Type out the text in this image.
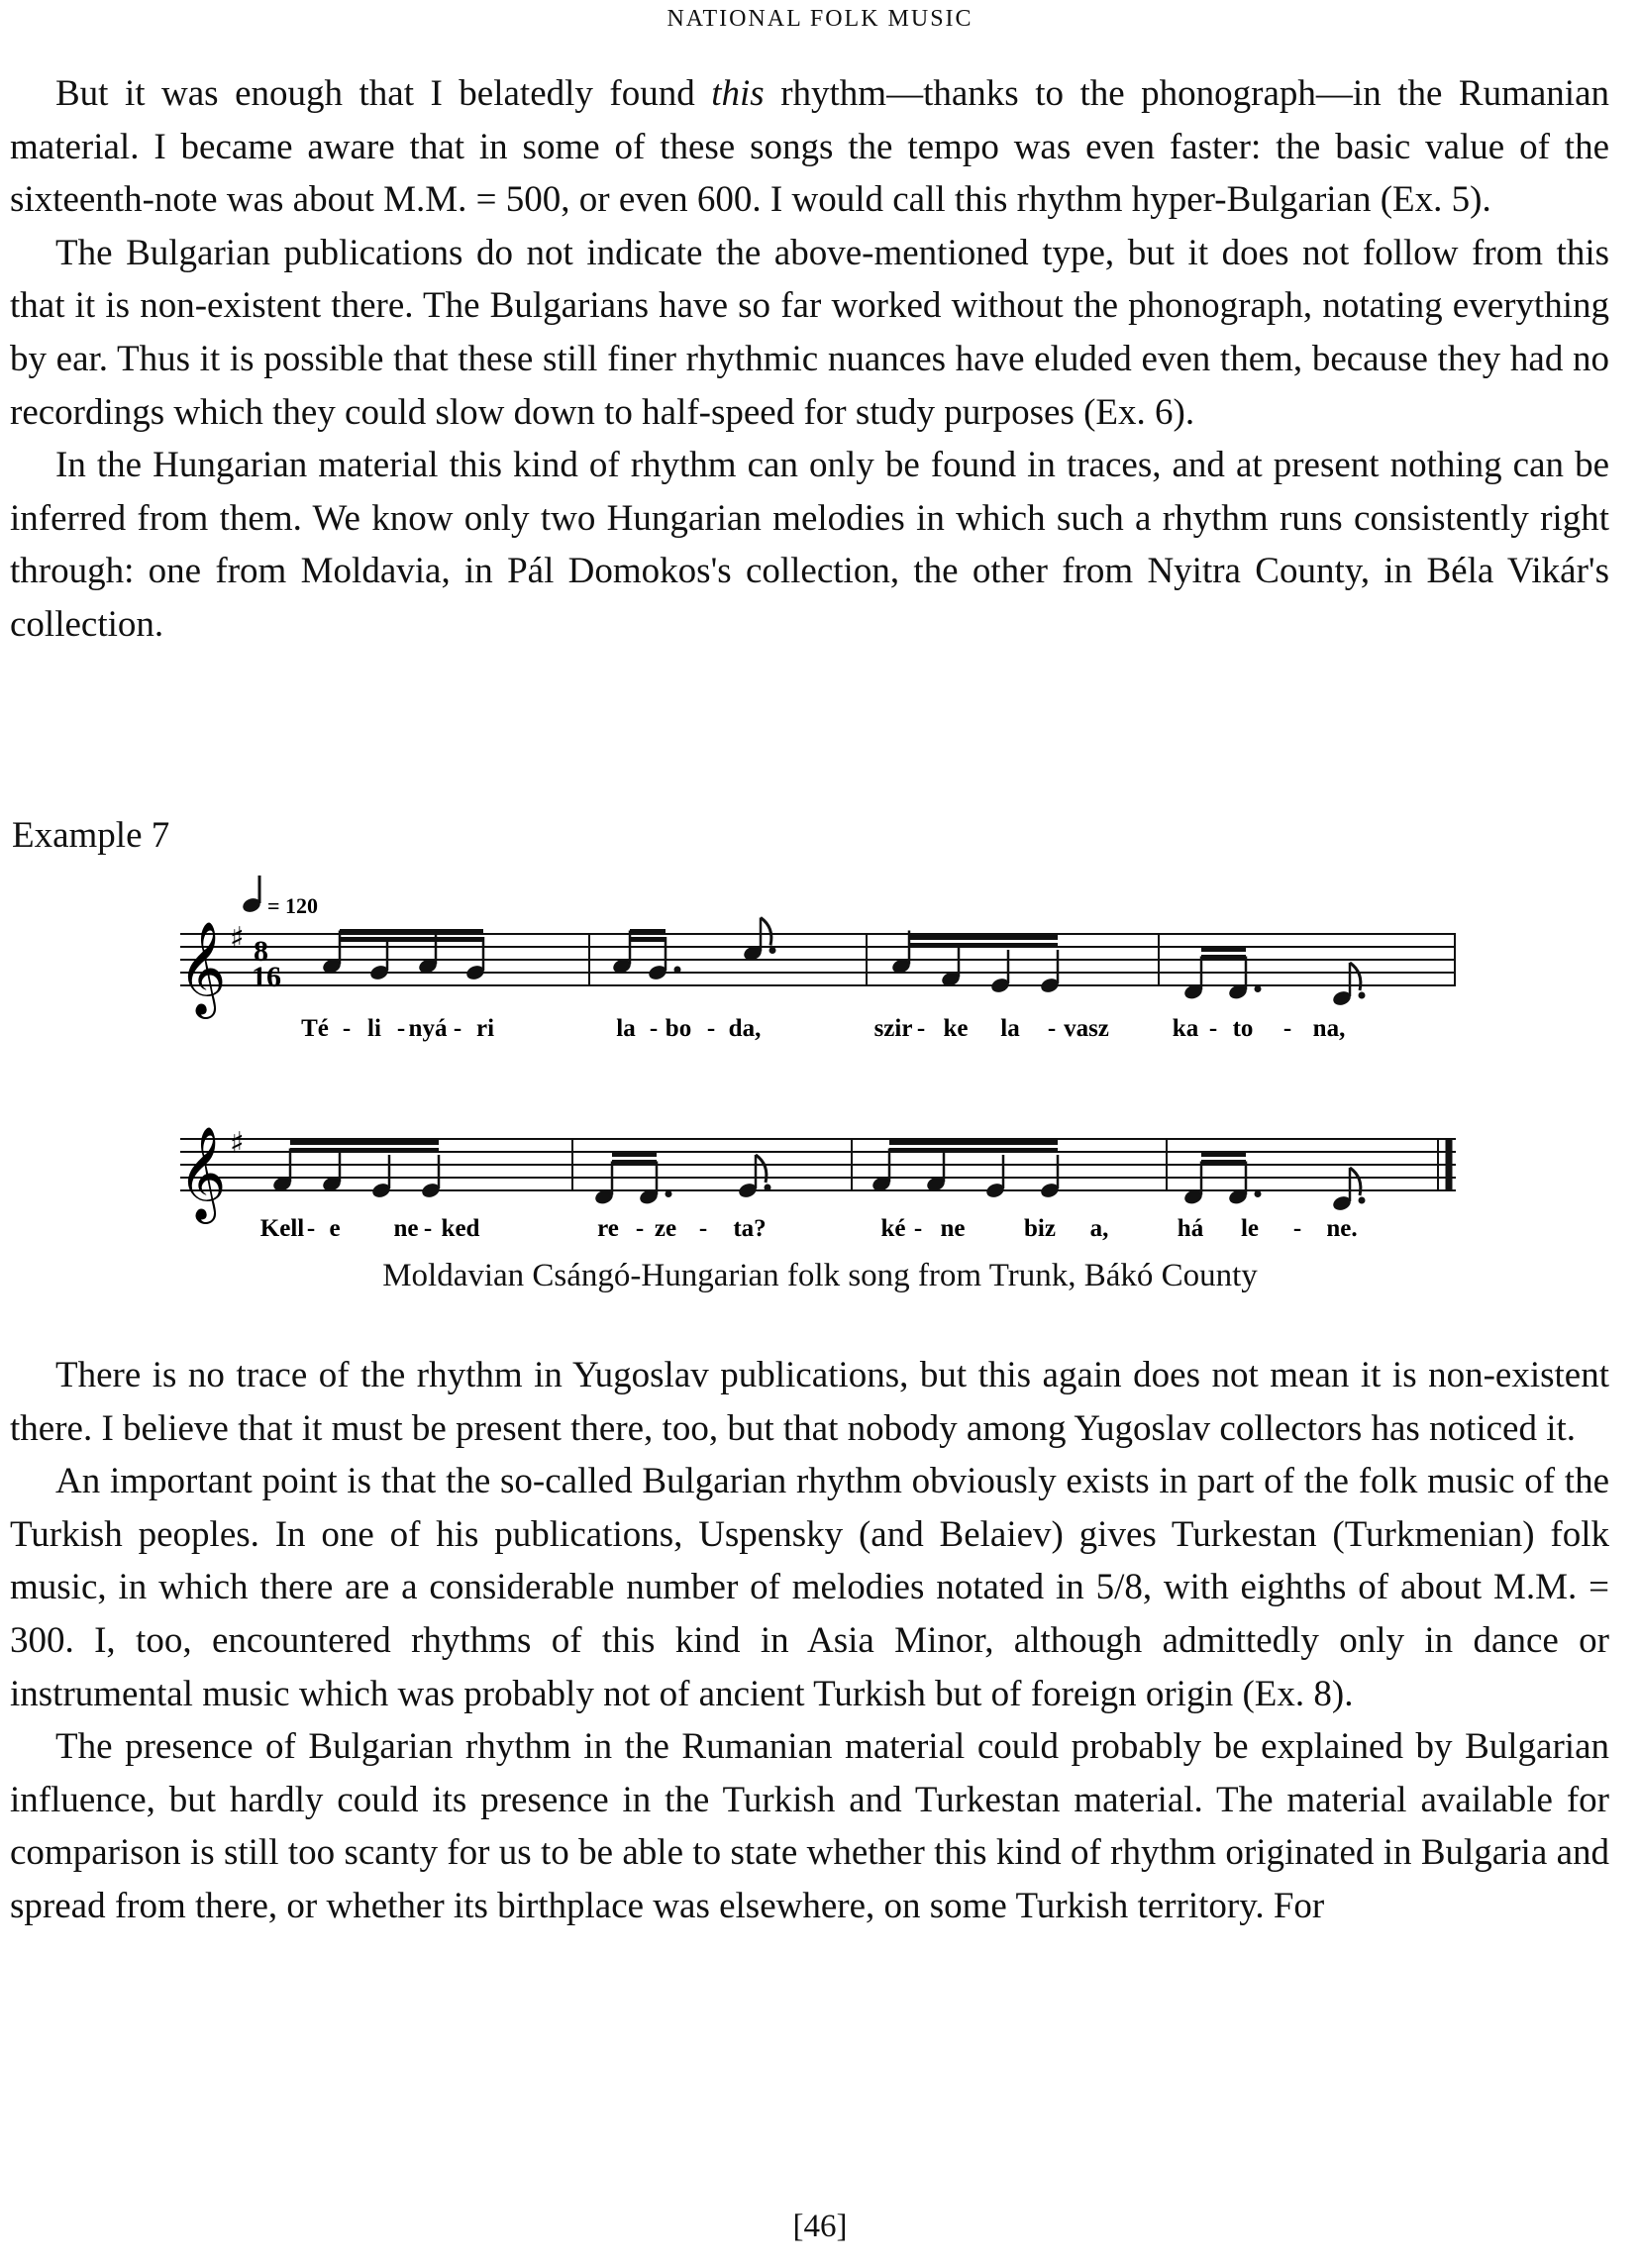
NATIONAL FOLK MUSIC

But it was enough that I belatedly found this rhythm—thanks to the phonograph—in the Rumanian material. I became aware that in some of these songs the tempo was even faster: the basic value of the sixteenth-note was about M.M. = 500, or even 600. I would call this rhythm hyper-Bulgarian (Ex. 5).

The Bulgarian publications do not indicate the above-mentioned type, but it does not follow from this that it is non-existent there. The Bulgarians have so far worked without the phonograph, notating everything by ear. Thus it is possible that these still finer rhythmic nuances have eluded even them, because they had no recordings which they could slow down to half-speed for study purposes (Ex. 6).

In the Hungarian material this kind of rhythm can only be found in traces, and at present nothing can be inferred from them. We know only two Hungarian melodies in which such a rhythm runs consistently right through: one from Moldavia, in Pál Domokos's collection, the other from Nyitra County, in Béla Vikár's collection.

Example 7
= 120
𝄞 ♯ 8
16
𝄞 ♯
Té - li - nyá - ri	la - bo - da,	szir - ke la - vasz	ka - to - na,
Kell - e ne - ked	re - ze - ta?	ké - ne biz a,	há le - ne.
Moldavian Csángó-Hungarian folk song from Trunk, Bákó County

There is no trace of the rhythm in Yugoslav publications, but this again does not mean it is non-existent there. I believe that it must be present there, too, but that nobody among Yugoslav collectors has noticed it.

An important point is that the so-called Bulgarian rhythm obviously exists in part of the folk music of the Turkish peoples. In one of his publications, Uspensky (and Belaiev) gives Turkestan (Turkmenian) folk music, in which there are a considerable number of melodies notated in 5/8, with eighths of about M.M. = 300. I, too, encountered rhythms of this kind in Asia Minor, although admittedly only in dance or instrumental music which was probably not of ancient Turkish but of foreign origin (Ex. 8).

The presence of Bulgarian rhythm in the Rumanian material could probably be explained by Bulgarian influence, but hardly could its presence in the Turkish and Turkestan material. The material available for comparison is still too scanty for us to be able to state whether this kind of rhythm originated in Bulgaria and spread from there, or whether its birthplace was elsewhere, on some Turkish territory. For

[46]
